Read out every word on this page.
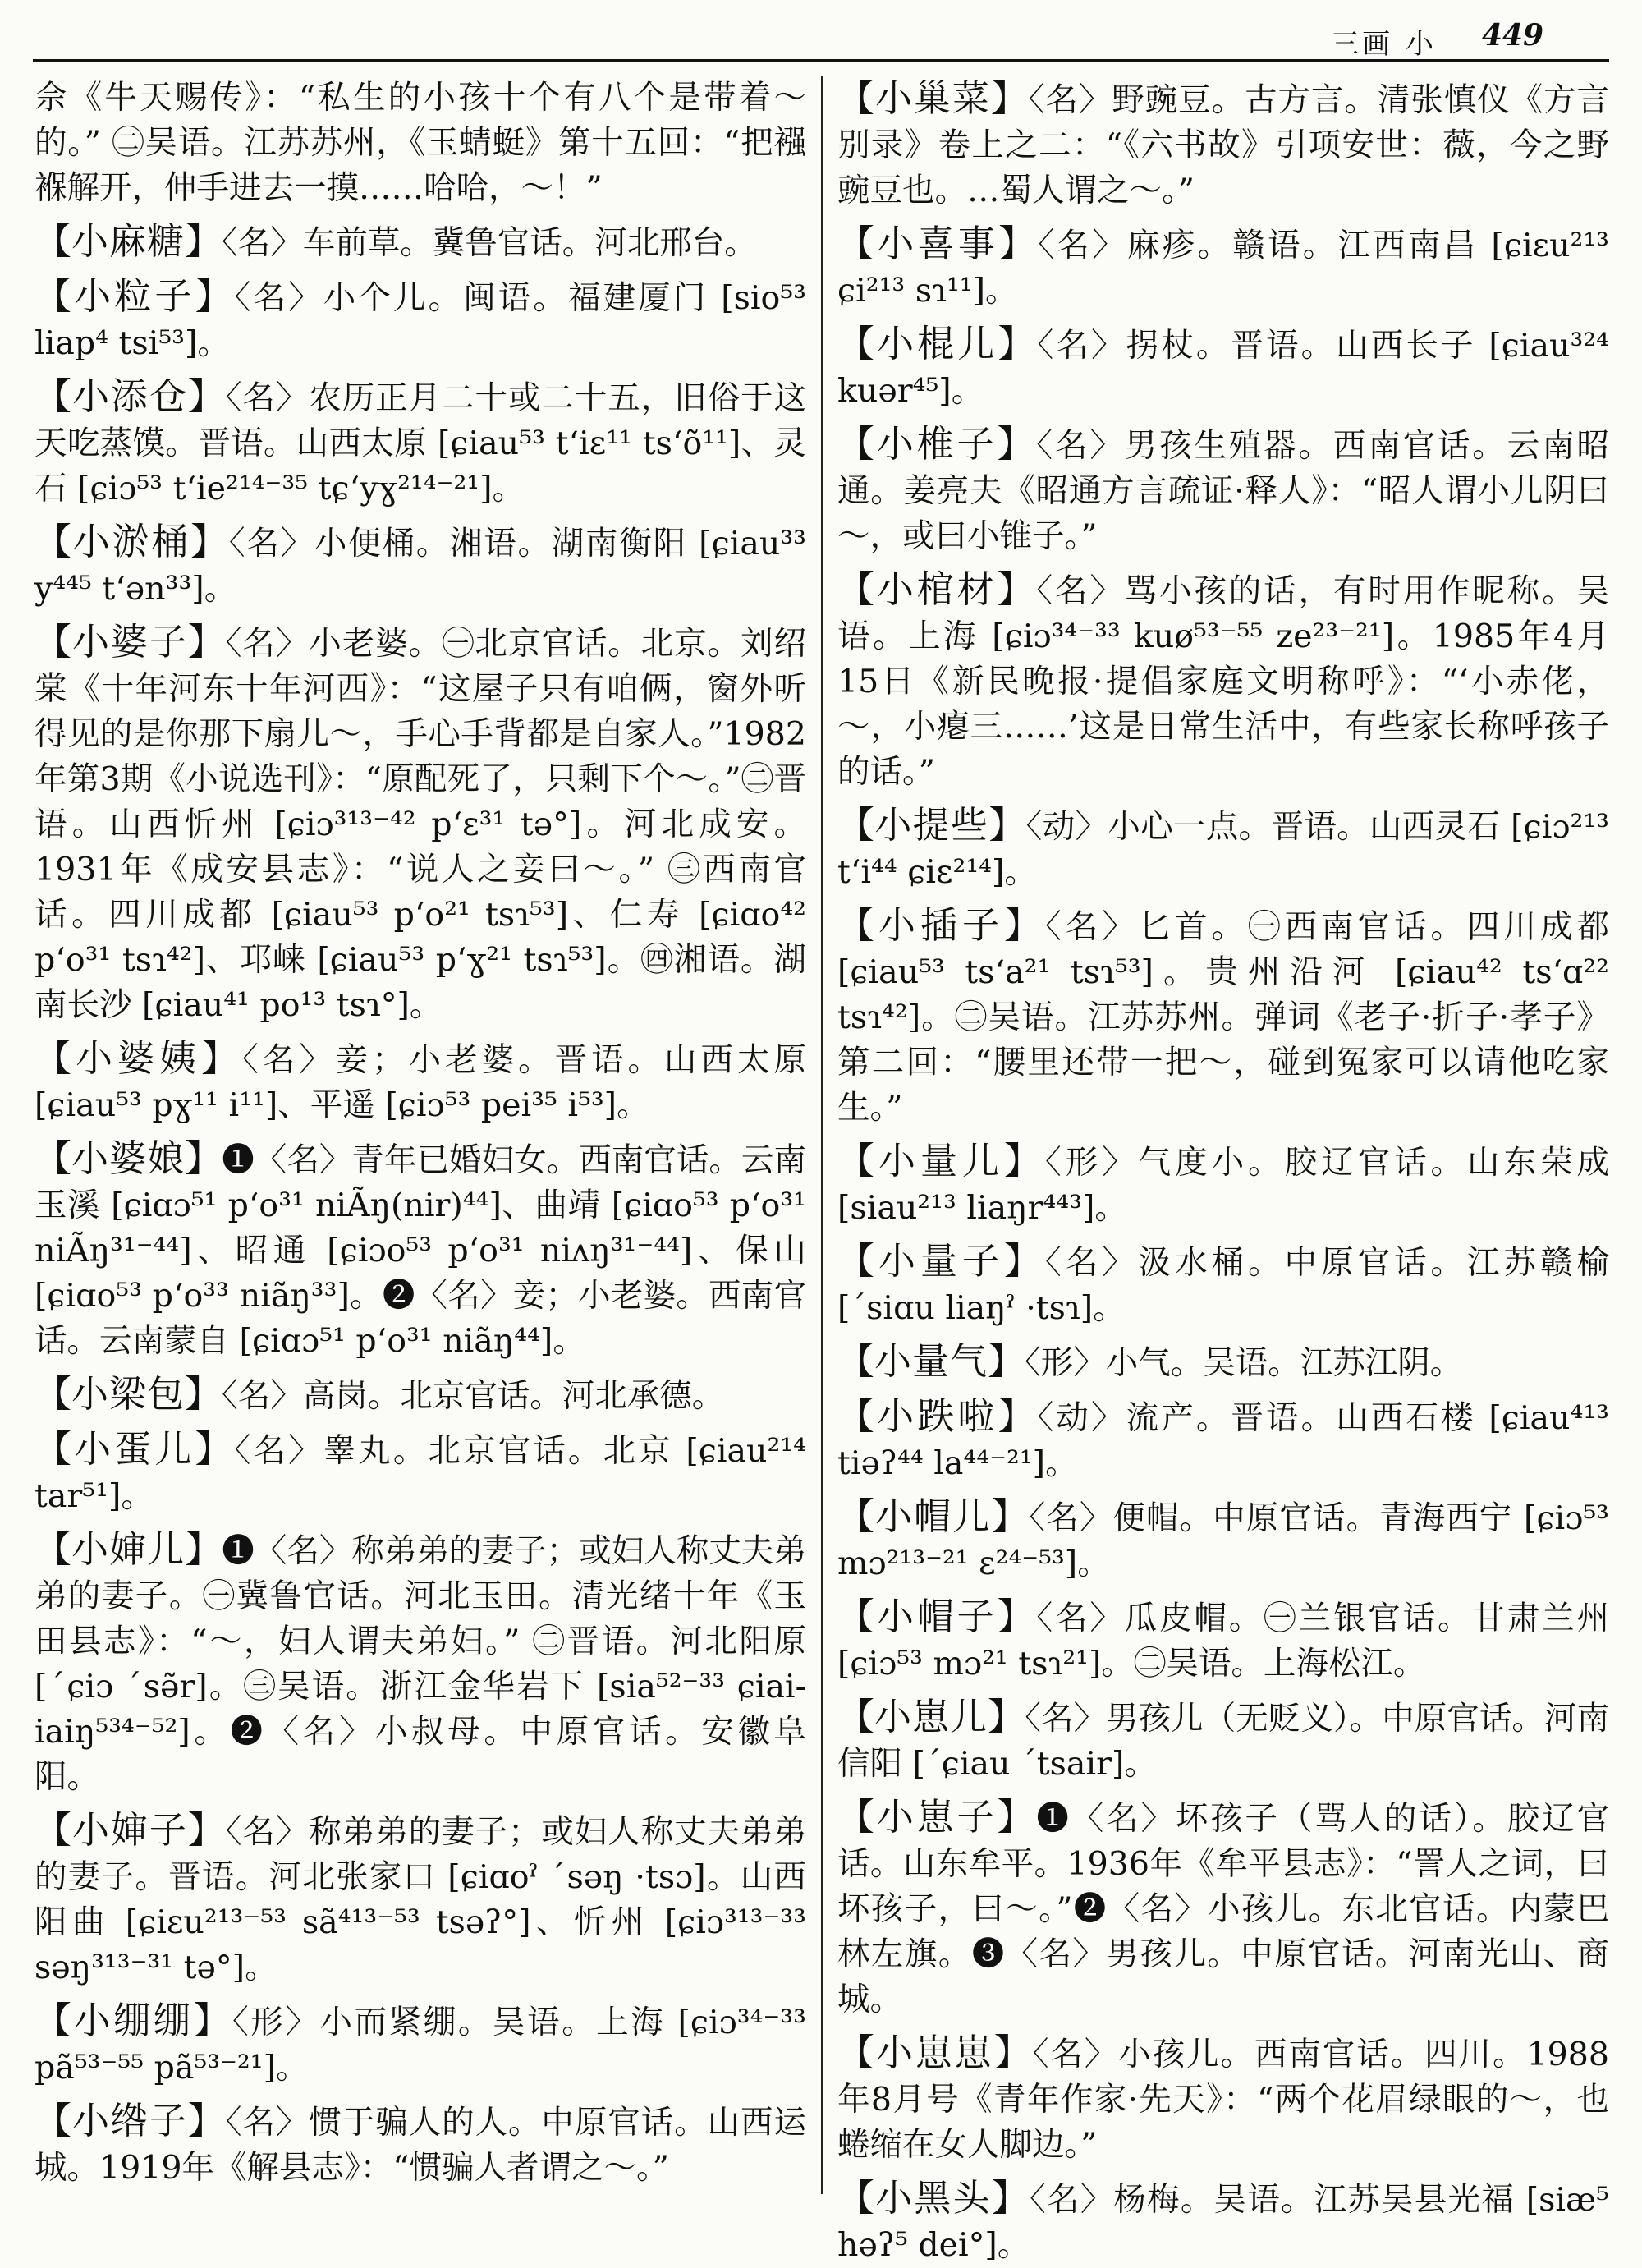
三画 小 449
佘《牛天赐传》：“私生的小孩十个有八个是带着～的。” ㊁吴语。江苏苏州，《玉蜻蜓》第十五回：“把襁褓解开，伸手进去一摸……哈哈，～！”
【小麻糖】〈名〉车前草。冀鲁官话。河北邢台。
【小粒子】〈名〉小个儿。闽语。福建厦门 [sio⁵³ liap⁴ tsi⁵³]。
【小添仓】〈名〉农历正月二十或二十五，旧俗于这天吃蒸馍。晋语。山西太原 [ɕiau⁵³ tʻiɛ¹¹ tsʻõ¹¹]、灵石 [ɕiɔ⁵³ tʻie²¹⁴⁻³⁵ tɕʻyɣ²¹⁴⁻²¹]。
【小淤桶】〈名〉小便桶。湘语。湖南衡阳 [ɕiau³³ y⁴⁴⁵ tʻən³³]。
【小婆子】〈名〉小老婆。㊀北京官话。北京。刘绍棠《十年河东十年河西》：“这屋子只有咱俩，窗外听得见的是你那下扇儿～，手心手背都是自家人。”1982年第3期《小说选刊》：“原配死了，只剩下个～。”㊁晋语。山西忻州 [ɕiɔ³¹³⁻⁴² pʻɛ³¹ tə°]。河北成安。1931年《成安县志》：“说人之妾曰～。” ㊂西南官话。四川成都 [ɕiau⁵³ pʻo²¹ tsɿ⁵³]、仁寿 [ɕiɑo⁴² pʻo³¹ tsɿ⁴²]、邛崃 [ɕiau⁵³ pʻɣ²¹ tsɿ⁵³]。㊃湘语。湖南长沙 [ɕiau⁴¹ po¹³ tsɿ°]。
【小婆姨】〈名〉妾；小老婆。晋语。山西太原 [ɕiau⁵³ pɣ¹¹ i¹¹]、平遥 [ɕiɔ⁵³ pei³⁵ i⁵³]。
【小婆娘】❶〈名〉青年已婚妇女。西南官话。云南玉溪 [ɕiɑɔ⁵¹ pʻo³¹ niÃŋ(nir)⁴⁴]、曲靖 [ɕiɑo⁵³ pʻo³¹ niÃŋ³¹⁻⁴⁴]、昭通 [ɕiɔo⁵³ pʻo³¹ niʌŋ³¹⁻⁴⁴]、保山 [ɕiɑo⁵³ pʻo³³ niãŋ³³]。❷〈名〉妾；小老婆。西南官话。云南蒙自 [ɕiɑɔ⁵¹ pʻo³¹ niãŋ⁴⁴]。
【小梁包】〈名〉高岗。北京官话。河北承德。
【小蛋儿】〈名〉睾丸。北京官话。北京 [ɕiau²¹⁴ tar⁵¹]。
【小婶儿】❶〈名〉称弟弟的妻子；或妇人称丈夫弟弟的妻子。㊀冀鲁官话。河北玉田。清光绪十年《玉田县志》：“～，妇人谓夫弟妇。” ㊁晋语。河北阳原 [ˊɕiɔ ˊsə̃r]。㊂吴语。浙江金华岩下 [sia⁵²⁻³³ ɕiai-iaiŋ⁵³⁴⁻⁵²]。❷〈名〉小叔母。中原官话。安徽阜阳。
【小婶子】〈名〉称弟弟的妻子；或妇人称丈夫弟弟的妻子。晋语。河北张家口 [ɕiɑoˀ ˊsəŋ ·tsɔ]。山西阳曲 [ɕiɛu²¹³⁻⁵³ sã⁴¹³⁻⁵³ tsəʔ°]、忻州 [ɕiɔ³¹³⁻³³ səŋ³¹³⁻³¹ tə°]。
【小绷绷】〈形〉小而紧绷。吴语。上海 [ɕiɔ³⁴⁻³³ pã⁵³⁻⁵⁵ pã⁵³⁻²¹]。
【小绺子】〈名〉惯于骗人的人。中原官话。山西运城。1919年《解县志》：“惯骗人者谓之～。”
【小巢菜】〈名〉野豌豆。古方言。清张慎仪《方言别录》卷上之二：“《六书故》引项安世：薇，今之野豌豆也。…蜀人谓之～。”
【小喜事】〈名〉麻疹。赣语。江西南昌 [ɕiɛu²¹³ ɕi²¹³ sɿ¹¹]。
【小棍儿】〈名〉拐杖。晋语。山西长子 [ɕiau³²⁴ kuər⁴⁵]。
【小椎子】〈名〉男孩生殖器。西南官话。云南昭通。姜亮夫《昭通方言疏证·释人》：“昭人谓小儿阴曰～，或曰小锥子。”
【小棺材】〈名〉骂小孩的话，有时用作昵称。吴语。上海 [ɕiɔ³⁴⁻³³ kuø⁵³⁻⁵⁵ ze²³⁻²¹]。1985年4月15日《新民晚报·提倡家庭文明称呼》：“‘小赤佬，～，小瘪三……’这是日常生活中，有些家长称呼孩子的话。”
【小提些】〈动〉小心一点。晋语。山西灵石 [ɕiɔ²¹³ tʻi⁴⁴ ɕiɛ²¹⁴]。
【小插子】〈名〉匕首。㊀西南官话。四川成都 [ɕiau⁵³ tsʻa²¹ tsɿ⁵³]。贵州沿河 [ɕiau⁴² tsʻɑ²² tsɿ⁴²]。㊁吴语。江苏苏州。弹词《老子·折子·孝子》第二回：“腰里还带一把～，碰到冤家可以请他吃家生。”
【小量儿】〈形〉气度小。胶辽官话。山东荣成 [siau²¹³ liaŋr⁴⁴³]。
【小量子】〈名〉汲水桶。中原官话。江苏赣榆 [ˊsiɑu liaŋˀ ·tsɿ]。
【小量气】〈形〉小气。吴语。江苏江阴。
【小跌啦】〈动〉流产。晋语。山西石楼 [ɕiau⁴¹³ tiəʔ⁴⁴ la⁴⁴⁻²¹]。
【小帽儿】〈名〉便帽。中原官话。青海西宁 [ɕiɔ⁵³ mɔ²¹³⁻²¹ ɛ²⁴⁻⁵³]。
【小帽子】〈名〉瓜皮帽。㊀兰银官话。甘肃兰州 [ɕiɔ⁵³ mɔ²¹ tsɿ²¹]。㊁吴语。上海松江。
【小崽儿】〈名〉男孩儿（无贬义）。中原官话。河南信阳 [ˊɕiau ˊtsair]。
【小崽子】❶〈名〉坏孩子（骂人的话）。胶辽官话。山东牟平。1936年《牟平县志》：“詈人之词，曰坏孩子，曰～。”❷〈名〉小孩儿。东北官话。内蒙巴林左旗。❸〈名〉男孩儿。中原官话。河南光山、商城。
【小崽崽】〈名〉小孩儿。西南官话。四川。1988年8月号《青年作家·先天》：“两个花眉绿眼的～，也蜷缩在女人脚边。”
【小黑头】〈名〉杨梅。吴语。江苏吴县光福 [siæ⁵ həʔ⁵ dei°]。
